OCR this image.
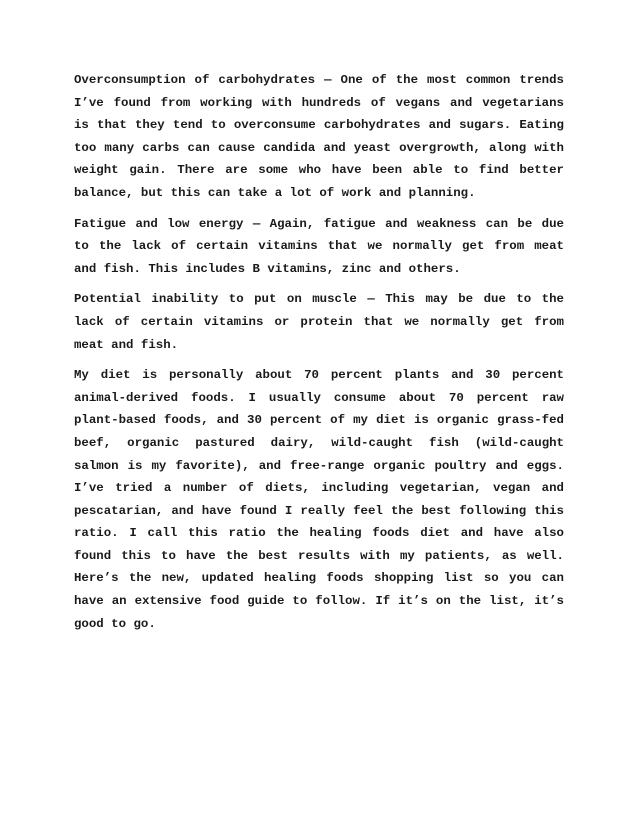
Overconsumption of carbohydrates — One of the most common trends I’ve found from working with hundreds of vegans and vegetarians is that they tend to overconsume carbohydrates and sugars. Eating too many carbs can cause candida and yeast overgrowth, along with weight gain. There are some who have been able to find better balance, but this can take a lot of work and planning.

Fatigue and low energy — Again, fatigue and weakness can be due to the lack of certain vitamins that we normally get from meat and fish. This includes B vitamins, zinc and others.

Potential inability to put on muscle — This may be due to the lack of certain vitamins or protein that we normally get from meat and fish.

My diet is personally about 70 percent plants and 30 percent animal-derived foods. I usually consume about 70 percent raw plant-based foods, and 30 percent of my diet is organic grass-fed beef, organic pastured dairy, wild-caught fish (wild-caught salmon is my favorite), and free-range organic poultry and eggs. I’ve tried a number of diets, including vegetarian, vegan and pescatarian, and have found I really feel the best following this ratio. I call this ratio the healing foods diet and have also found this to have the best results with my patients, as well. Here’s the new, updated healing foods shopping list so you can have an extensive food guide to follow. If it’s on the list, it’s good to go.
